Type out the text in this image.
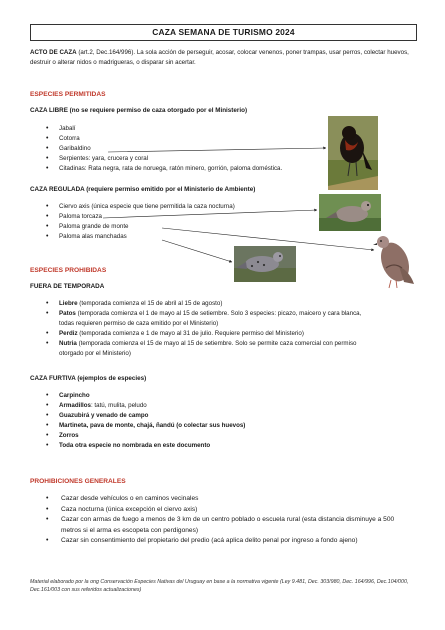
CAZA SEMANA DE TURISMO 2024
ACTO DE CAZA (art.2, Dec.164/996). La sola acción de perseguir, acosar, colocar venenos, poner trampas, usar perros, colectar huevos, destruir o alterar nidos o madrigueras, o disparar sin acertar.
ESPECIES PERMITIDAS
CAZA LIBRE (no se requiere permiso de caza otorgado por el Ministerio)
• Jabalí
• Cotorra
• Garibaldino
• Serpientes: yara, crucera y coral
• Citadinas: Rata negra, rata de noruega, ratón minero, gorrión, paloma doméstica.
CAZA REGULADA (requiere permiso emitido por el Ministerio de Ambiente)
• Ciervo axis (única especie que tiene permitida la caza nocturna)
• Paloma torcaza
• Paloma grande de monte
• Paloma alas manchadas
ESPECIES PROHIBIDAS
FUERA DE TEMPORADA
• Liebre (temporada comienza el 15 de abril al 15 de agosto)
• Patos (temporada comienza el 1 de mayo al 15 de setiembre. Solo 3 especies: picazo, maicero y cara blanca, todas requieren permiso de caza emitido por el Ministerio)
• Perdiz (temporada comienza e 1 de mayo al 31 de julio. Requiere permiso del Ministerio)
• Nutria (temporada comienza el 15 de mayo al 15 de setiembre. Solo se permite caza comercial con permiso otorgado por el Ministerio)
CAZA FURTIVA (ejemplos de especies)
• Carpincho
• Armadillos: tatú, mulita, peludo
• Guazubirá y venado de campo
• Martineta, pava de monte, chajá, ñandú (o colectar sus huevos)
• Zorros
• Toda otra especie no nombrada en este documento
PROHIBICIONES GENERALES
• Cazar desde vehículos o en caminos vecinales
• Caza nocturna (única excepción el ciervo axis)
• Cazar con armas de fuego a menos de 3 km de un centro poblado o escuela rural (esta distancia disminuye a 500 metros si el arma es escopeta con perdigones)
• Cazar sin consentimiento del propietario del predio (acá aplica delito penal por ingreso a fondo ajeno)
Material elaborado por la ong Conservación Especies Nativas del Uruguay en base a la normativa vigente (Ley 9.481, Dec. 303/980, Dec. 164/996, Dec.104/000, Dec.161/003 con sus referidos actualizaciones)
